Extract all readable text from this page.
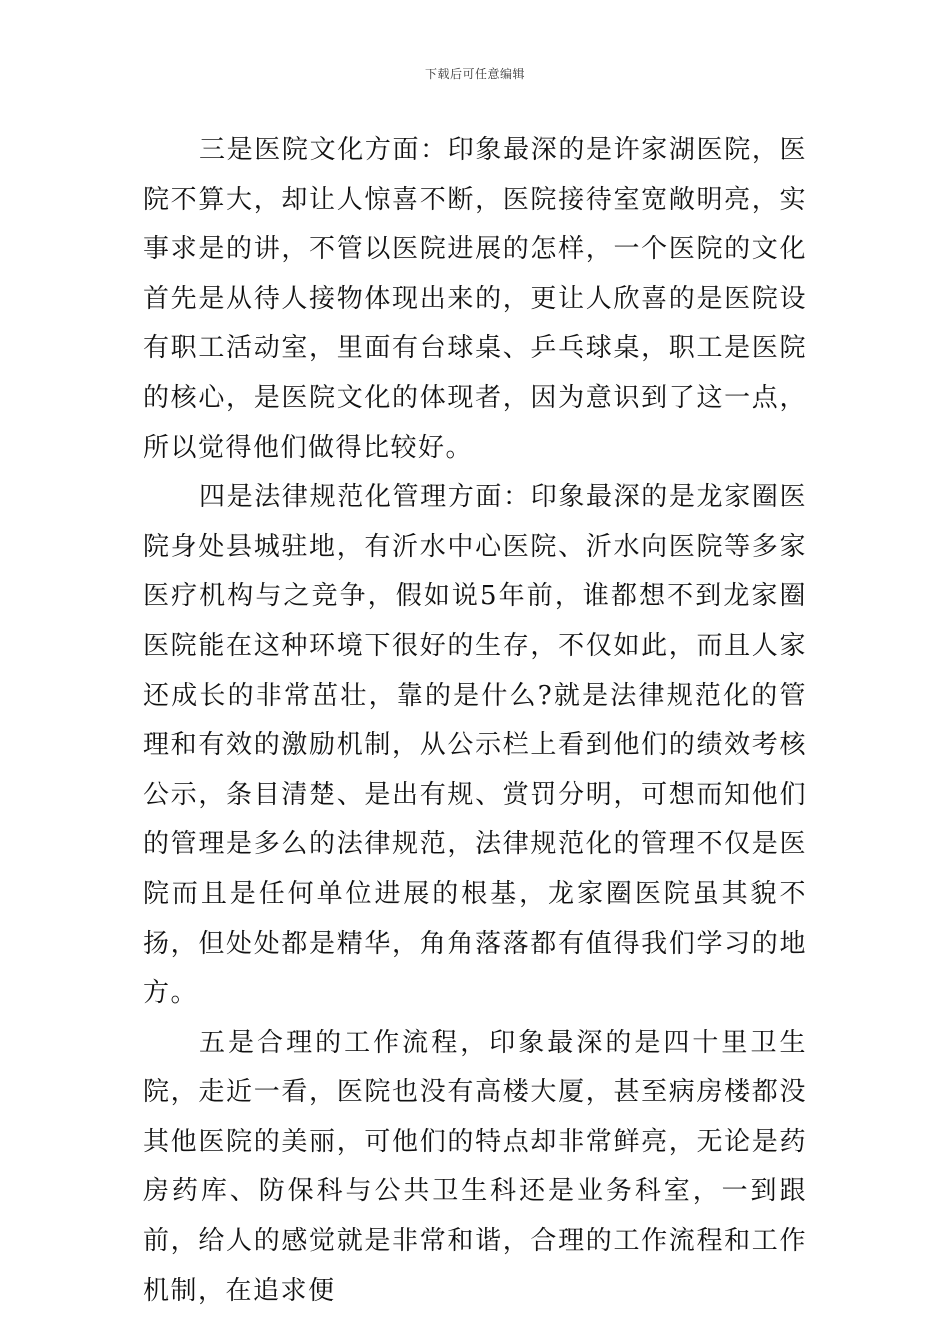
下载后可任意编辑

三是医院文化方面：印象最深的是许家湖医院，医院不算大，却让人惊喜不断，医院接待室宽敞明亮，实事求是的讲，不管以医院进展的怎样，一个医院的文化首先是从待人接物体现出来的，更让人欣喜的是医院设有职工活动室，里面有台球桌、乒乓球桌，职工是医院的核心，是医院文化的体现者，因为意识到了这一点，所以觉得他们做得比较好。

四是法律规范化管理方面：印象最深的是龙家圈医院身处县城驻地，有沂水中心医院、沂水向医院等多家医疗机构与之竞争，假如说5年前，谁都想不到龙家圈医院能在这种环境下很好的生存，不仅如此，而且人家还成长的非常茁壮，靠的是什么?就是法律规范化的管理和有效的激励机制，从公示栏上看到他们的绩效考核公示，条目清楚、是出有规、赏罚分明，可想而知他们的管理是多么的法律规范，法律规范化的管理不仅是医院而且是任何单位进展的根基，龙家圈医院虽其貌不扬，但处处都是精华，角角落落都有值得我们学习的地方。

五是合理的工作流程，印象最深的是四十里卫生院，走近一看，医院也没有高楼大厦，甚至病房楼都没其他医院的美丽，可他们的特点却非常鲜亮，无论是药房药库、防保科与公共卫生科还是业务科室，一到跟前，给人的感觉就是非常和谐，合理的工作流程和工作机制，在追求便
